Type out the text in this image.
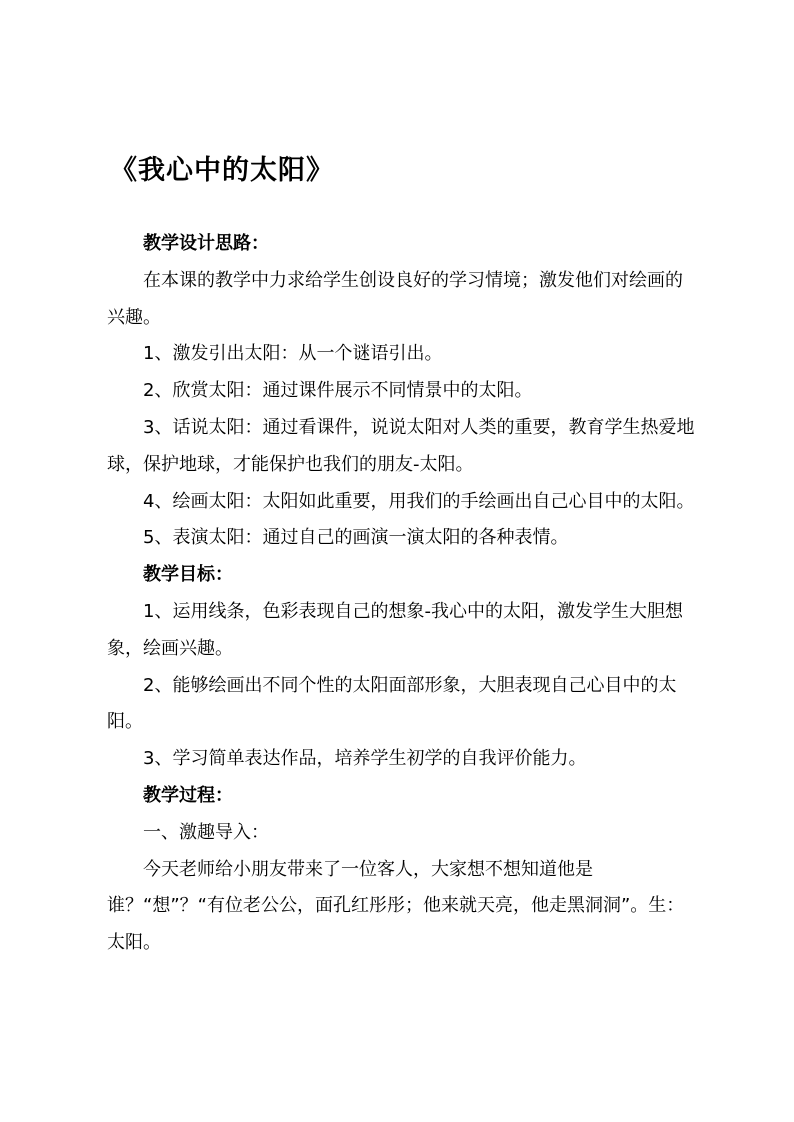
《我心中的太阳》

教学设计思路：

在本课的教学中力求给学生创设良好的学习情境；激发他们对绘画的兴趣。

1、激发引出太阳：从一个谜语引出。

2、欣赏太阳：通过课件展示不同情景中的太阳。

3、话说太阳：通过看课件，说说太阳对人类的重要，教育学生热爱地球，保护地球，才能保护也我们的朋友-太阳。

4、绘画太阳：太阳如此重要，用我们的手绘画出自己心目中的太阳。

5、表演太阳：通过自己的画演一演太阳的各种表情。

教学目标：

1、运用线条，色彩表现自己的想象-我心中的太阳，激发学生大胆想象，绘画兴趣。

2、能够绘画出不同个性的太阳面部形象，大胆表现自己心目中的太阳。

3、学习简单表达作品，培养学生初学的自我评价能力。

教学过程：

一、激趣导入：

今天老师给小朋友带来了一位客人，大家想不想知道他是谁？“想”？“有位老公公，面孔红彤彤；他来就天亮，他走黑洞洞”。生：太阳。
